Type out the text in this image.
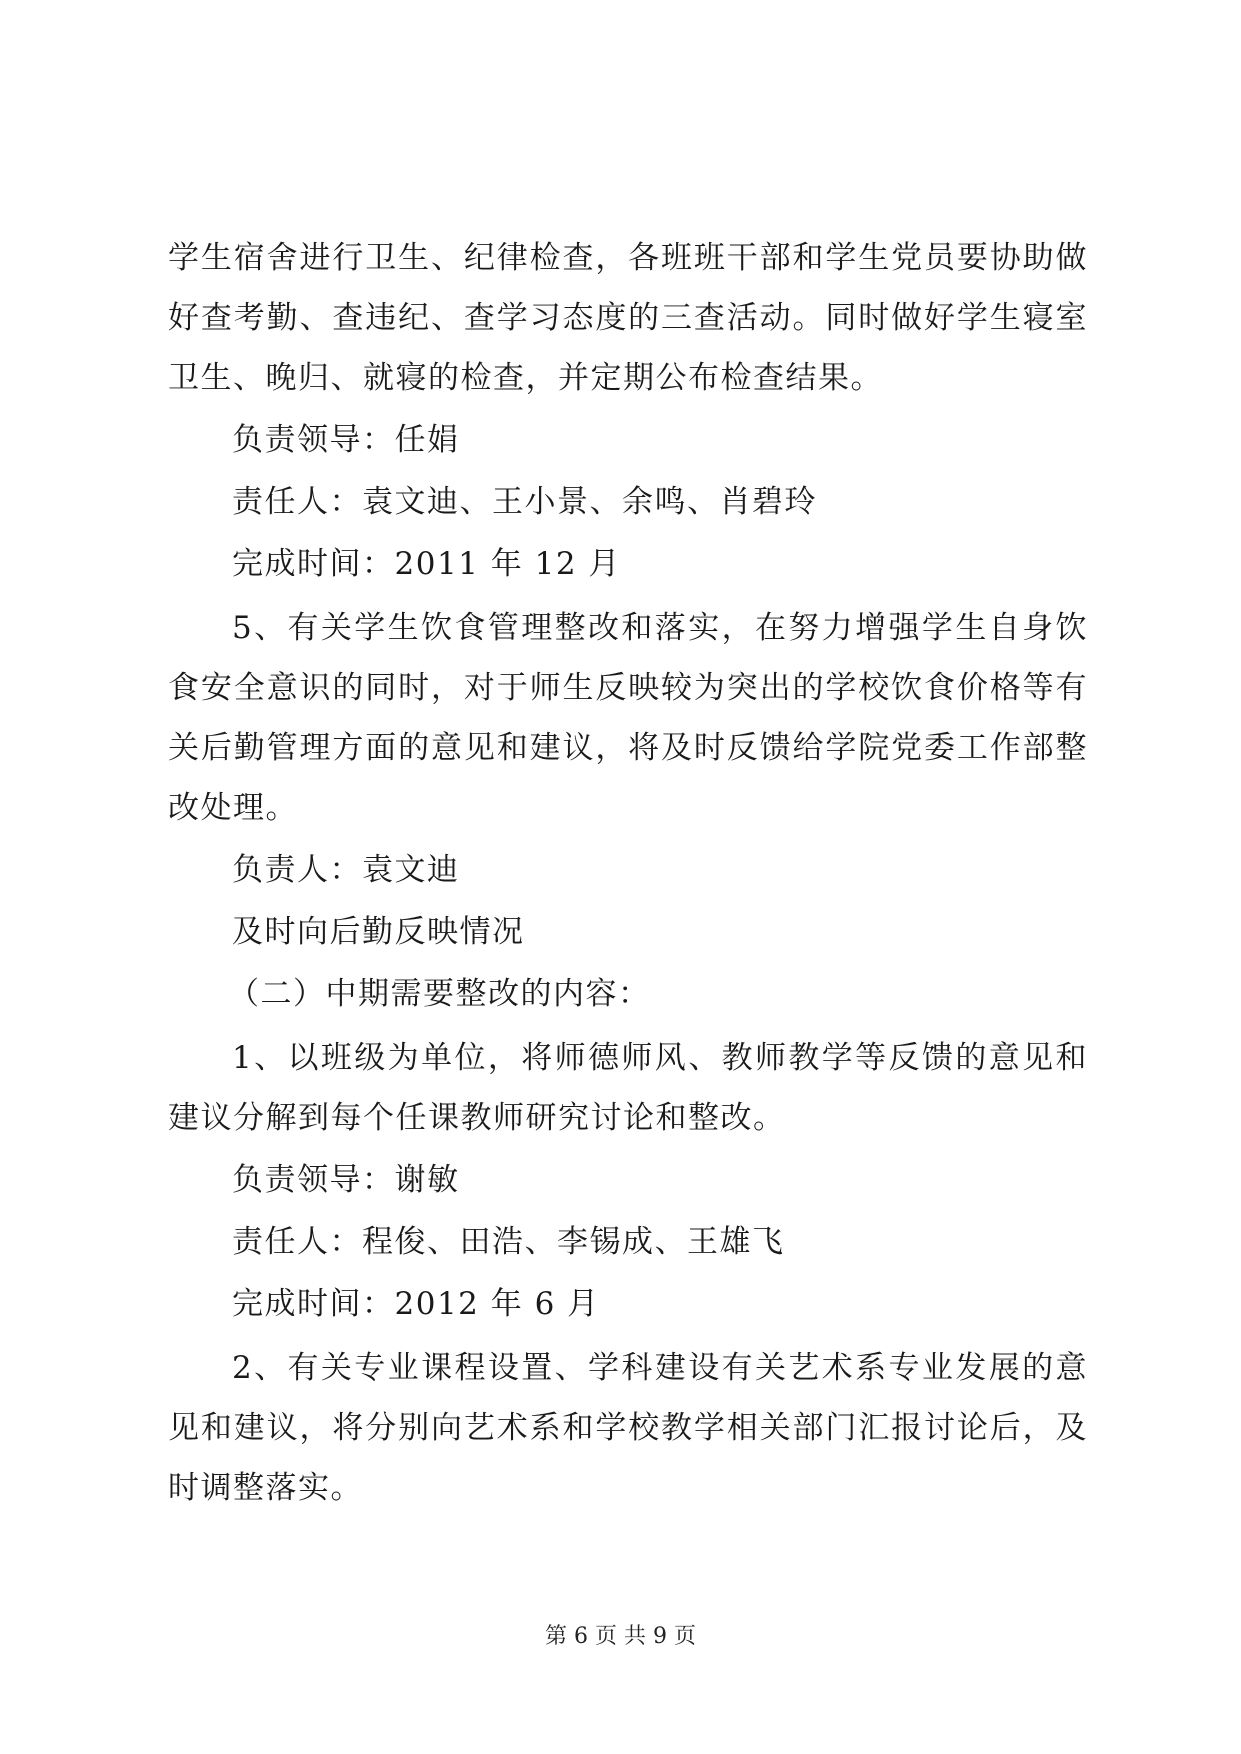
学生宿舍进行卫生、纪律检查，各班班干部和学生党员要协助做
好查考勤、查违纪、查学习态度的三查活动。同时做好学生寝室
卫生、晚归、就寝的检查，并定期公布检查结果。
负责领导：任娟
责任人：袁文迪、王小景、余鸣、肖碧玲
完成时间：2011 年 12 月
5、有关学生饮食管理整改和落实，在努力增强学生自身饮
食安全意识的同时，对于师生反映较为突出的学校饮食价格等有
关后勤管理方面的意见和建议，将及时反馈给学院党委工作部整
改处理。
负责人：袁文迪
及时向后勤反映情况
（二）中期需要整改的内容：
1、以班级为单位，将师德师风、教师教学等反馈的意见和
建议分解到每个任课教师研究讨论和整改。
负责领导：谢敏
责任人：程俊、田浩、李锡成、王雄飞
完成时间：2012 年 6 月
2、有关专业课程设置、学科建设有关艺术系专业发展的意
见和建议，将分别向艺术系和学校教学相关部门汇报讨论后，及
时调整落实。
第 6 页 共 9 页
